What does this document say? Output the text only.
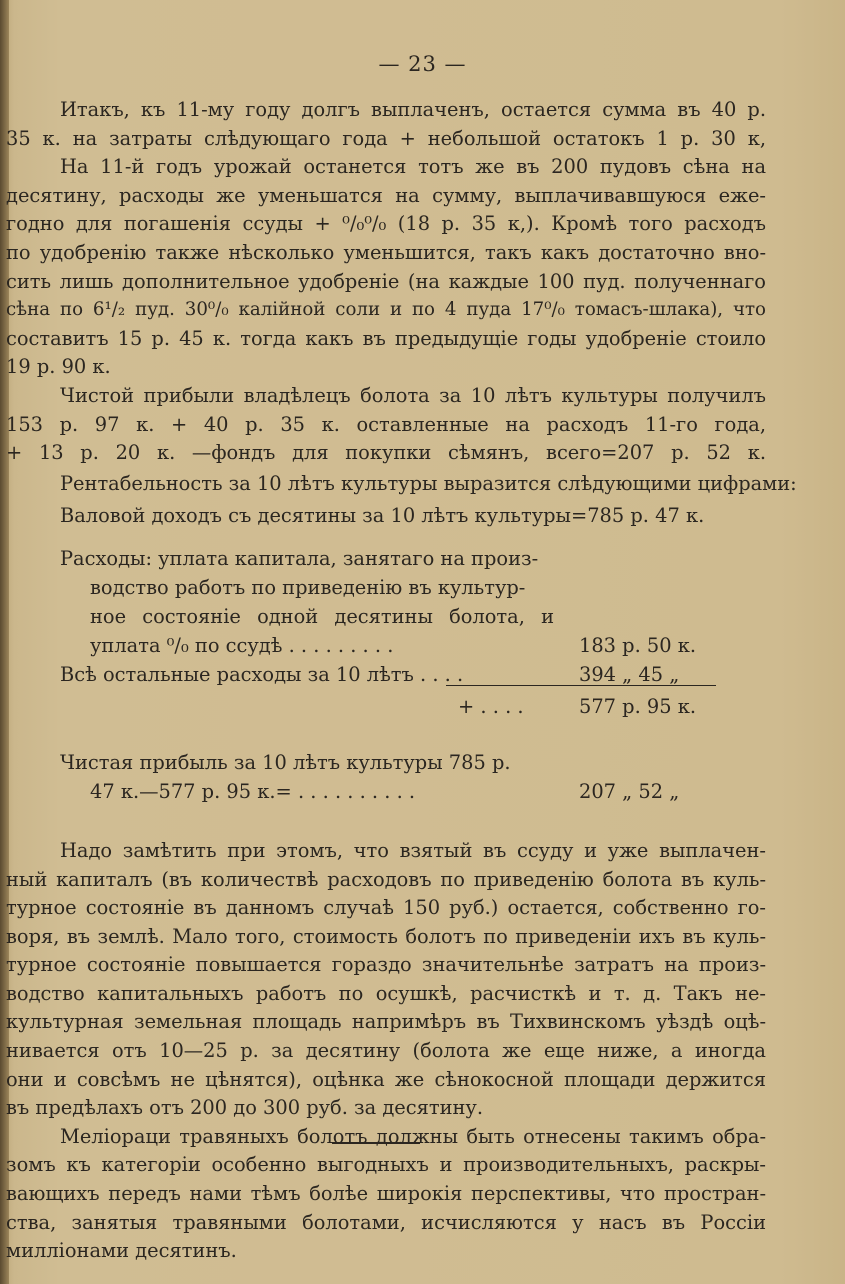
— 23 —
Итакъ, къ 11-му году долгъ выплаченъ, остается сумма въ 40 р.
35 к. на затраты слѣдующаго года + небольшой остатокъ 1 р. 30 к,
На 11-й годъ урожай останется тотъ же въ 200 пудовъ сѣна на
десятину, расходы же уменьшатся на сумму, выплачивавшуюся еже-
годно для погашенія ссуды + ⁰/₀⁰/₀ (18 р. 35 к,). Кромѣ того расходъ
по удобренію также нѣсколько уменьшится, такъ какъ достаточно вно-
сить лишь дополнительное удобреніе (на каждые 100 пуд. полученнаго
сѣна по 6¹/₂ пуд. 30⁰/₀ калійной соли и по 4 пуда 17⁰/₀ томасъ-шлака), что
составитъ 15 р. 45 к. тогда какъ въ предыдущіе годы удобреніе стоило
19 р. 90 к.
Чистой прибыли владѣлецъ болота за 10 лѣтъ культуры получилъ
153 р. 97 к. + 40 р. 35 к. оставленные на расходъ 11-го года,
+ 13 р. 20 к. —фондъ для покупки сѣмянъ, всего=207 р. 52 к.
Рентабельность за 10 лѣтъ культуры выразится слѣдующими цифрами:
Валовой доходъ съ десятины за 10 лѣтъ культуры=785 р. 47 к.
Расходы: уплата капитала, занятаго на произ-
водство работъ по приведенію въ культур-
ное состояніе одной десятины болота, и
уплата ⁰/₀ по ссудѣ . . . . . . . . .	183 р. 50 к.
Всѣ остальные расходы за 10 лѣтъ . . . .	394 „ 45 „
+ . . . .	577 р. 95 к.
Чистая прибыль за 10 лѣтъ культуры 785 р.
47 к.—577 р. 95 к.= . . . . . . . . . .	207 „ 52 „
Надо замѣтить при этомъ, что взятый въ ссуду и уже выплачен-
ный капиталъ (въ количествѣ расходовъ по приведенію болота въ куль-
турное состояніе въ данномъ случаѣ 150 руб.) остается, собственно го-
воря, въ землѣ. Мало того, стоимость болотъ по приведеніи ихъ въ куль-
турное состояніе повышается гораздо значительнѣе затратъ на произ-
водство капитальныхъ работъ по осушкѣ, расчисткѣ и т. д. Такъ не-
культурная земельная площадь напримѣръ въ Тихвинскомъ уѣздѣ оцѣ-
нивается отъ 10—25 р. за десятину (болота же еще ниже, а иногда
они и совсѣмъ не цѣнятся), оцѣнка же сѣнокосной площади держится
въ предѣлахъ отъ 200 до 300 руб. за десятину.
Меліораци травяныхъ болотъ должны быть отнесены такимъ обра-
зомъ къ категоріи особенно выгодныхъ и производительныхъ, раскры-
вающихъ передъ нами тѣмъ болѣе широкія перспективы, что простран-
ства, занятыя травяными болотами, исчисляются у насъ въ Россіи
милліонами десятинъ.
